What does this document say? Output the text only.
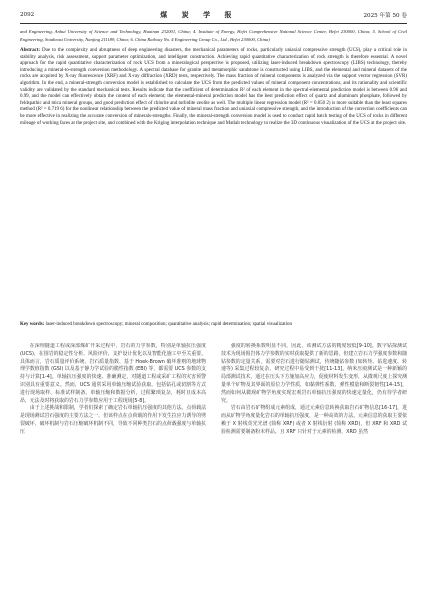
2092	煤 炭 学 报	2025 年第 50 卷
and Engineering, Anhui University of Science and Technology, Huainan 232001, China; 4. Institute of Energy, Hefei Comprehensive National Science Center, Hefei 230000, China; 5. School of Civil Engineering, Southeast University, Nanjing 211189, China; 6. China Railway No. 4 Engineering Group Co., Ltd., Hefei 230000, China)
Abstract: Due to the complexity and abruptness of deep engineering disasters, the mechanical parameters of rocks, particularly uniaxial compressive strength (UCS), play a critical role in stability analysis, risk assessment, support parameter optimization, and intelligent construction. Achieving rapid quantitative characterization of rock strength is therefore essential. A novel approach for the rapid quantitative characterization of rock UCS from a mineralogical perspective is proposed, utilizing laser-induced breakdown spectroscopy (LIBS) technology, thereby introducing a mineral-to-strength conversion methodology. A spectral database for granite and metamorphic sandstone is constructed using LIBS, and the elemental and mineral datasets of the rocks are acquired by X-ray fluorescence (XRF) and X-ray diffraction (XRD) tests, respectively. The mass fraction of mineral components is analyzed via the support vector regression (SVR) algorithm. In the end, a mineral-strength conversion model is established to calculate the UCS from the predicted values of mineral component concentrations, and its rationality and scientific validity are validated by the standard mechanical tests. Results indicate that the coefficient of determination R² of each element in the spectral-elemental prediction model is between 0.96 and 0.99, and the model can effectively obtain the content of each element; the elemental-mineral prediction model has the best prediction effect of quartz and aluminum phosphate, followed by feldspathic and mica mineral groups, and good prediction effect of chlorite and turbidite zeolite as well. The multiple linear regression model (R² = 0.850 2) is more suitable than the least squares method (R² = 0.719 6) for the nonlinear relationship between the predicted value of mineral mass fraction and uniaxial compressive strength, and the introduction of the correction coefficients can be more effective in realizing the accurate conversion of minerals-strengths. Finally, the mineral-strength conversion model is used to conduct rapid batch testing of the UCS of rocks in different mileage of working faces at the project site, and combined with the Kriging interpolation technique and Matlab technology to realize the 3D continuous visualization of the UCS at the project site.
Key words: laser-induced breakdown spectroscopy; mineral composition; quantitative analysis; rapid determination; spatial visualization

在深埋隧道工程或深部煤矿开采过程中，岩石的力学参数，特别是单轴抗压强度 (UCS)，在围岩的稳定性分析、风险评价、支护设计优化以及智能化施工中至关重要。具体而言，岩石质量评价系统、岩石质量指数、基于 Hoek-Brown 破坏准则的地球物理学数值指数 (GSI) 以及基于静力学试验的脆性指数 (EBI) 等，都需要 UCS 参数的支持与计算[1-4]。单轴抗压强度的快速、准确测定，对隧道工程或采矿工程的灾害预警识别具有重要意义。然而，UCS 通常采用单轴压缩试验获取，包括钻孔或切割等方式进行现场取样、标准试样制备、单轴压缩和数据分析，过程繁琐复杂，耗时且成本高昂，无法及时将获取的岩石力学参数应用于工程现场[5-8]。

由于上述挑战和限制，学者们探索了确定岩石单轴抗压强度的其他方法。点荷载法是现场测试岩石强度的主要方法之一，但该样点在点荷载的作用下发生拉应力诱导的劈裂破坏，破坏机制与岩石压缩破坏机制不同，导致不同种类岩石的点荷载强度与单轴抗压

强度的转换系数明显不同，因此，该测试方法的精度较低[9-10]。数字钻探测试技术为现场围岩体力学参数的实时获取提供了新的思路，但建立岩石力学强度参数和随钻参数的定量关系，需要对岩石进行随钻测试，传统随钻参数 (如转矩、钻进速度、转速等) 采集过程较复杂、研究过程中易受到干扰[11-13]。纳米压痕测试是一种新颖的局部测试技术，通过在压头下方施加高应力，促使材料发生变形，从微观尺度上探究测量单个矿物及其界面的原位力学性质，如黏弹性系数、弹性模量和断裂韧性[14-15]。然而如何从微观矿物学角度实现宏观岩石单轴抗压强度的快速定量化，仍有待学者研究。

岩石由岩石矿物组成元素组成，通过元素信息转换获取岩石矿物信息[16-17]，进而从矿物学角度量化岩石的单轴抗压强度，是一种高效的方法。元素信息的获取主要依赖于 X 射线荧光光谱 (简称 XRF) 或者 X 射线衍射 (简称 XRD)，但 XRF 和 XRD 试验检测需要制备粉末样品。且 XRF 只针对于元素的检测，XRD 虽然
